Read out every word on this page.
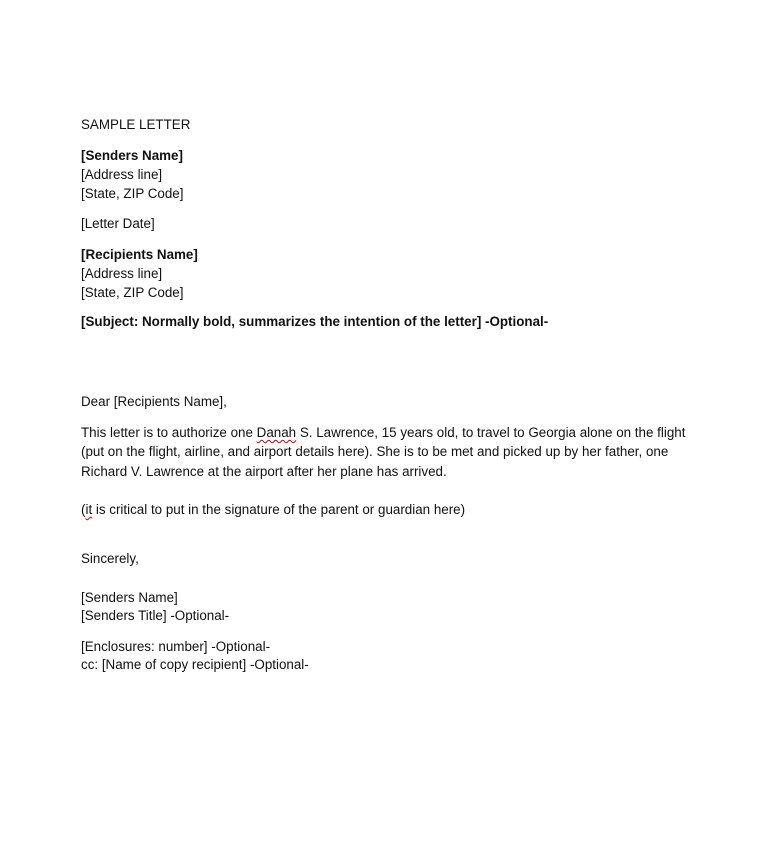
SAMPLE LETTER
[Senders Name]
[Address line]
[State, ZIP Code]
[Letter Date]
[Recipients Name]
[Address line]
[State, ZIP Code]
[Subject: Normally bold, summarizes the intention of the letter] -Optional-
Dear [Recipients Name],
This letter is to authorize one Danah S. Lawrence, 15 years old, to travel to Georgia alone on the flight
(put on the flight, airline, and airport details here). She is to be met and picked up by her father, one
Richard V. Lawrence at the airport after her plane has arrived.
(it is critical to put in the signature of the parent or guardian here)
Sincerely,
[Senders Name]
[Senders Title] -Optional-
[Enclosures: number] -Optional-
cc: [Name of copy recipient] -Optional-
